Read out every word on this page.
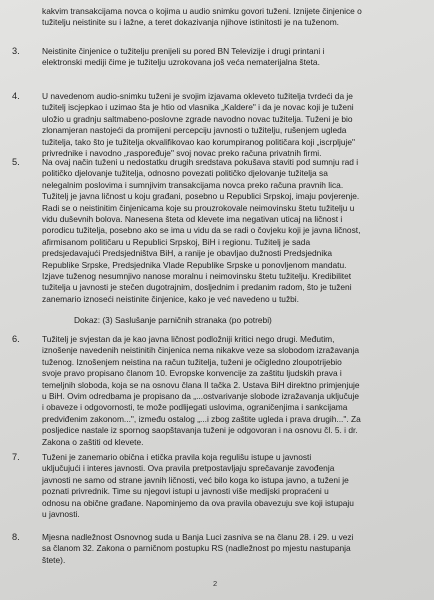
kakvim transakcijama novca o kojima u audio snimku govori tuženi. Iznijete činjenice o
tužitelju neistinite su i lažne, a teret dokazivanja njihove istinitosti je na tuženom.
3.	Neistinite činjenice o tužitelju prenijeli su pored BN Televizije i drugi printani i
elektronski mediji čime je tužitelju uzrokovana još veća nematerijalna šteta.
4.	U navedenom audio-snimku tuženi je svojim izjavama okleveto tužitelja tvrdeći da je
tužitelj iscjepkao i uzimao šta je htio od vlasnika „Kaldere" i da je novac koji je tuženi
uložio u gradnju saltmabeno-poslovne zgrade navodno novac tužitelja. Tuženi je bio
zlonamjeran nastojeći da promijeni percepciju javnosti o tužitelju, rušenjem ugleda
tužitelja, tako što je tužitelja okvalifikovao kao korumpiranog političara koji „iscrpljuje"
privrednike i navodno „raspoređuje" svoj novac preko računa privatnih firmi.
5.	Na ovaj način tuženi u nedostatku drugih sredstava pokušava staviti pod sumnju rad i
političko djelovanje tužitelja, odnosno povezati političko djelovanje tužitelja sa
nelegalnim poslovima i sumnjivim transakcijama novca preko računa pravnih lica.
Tužitelj je javna ličnost u koju građani, posebno u Republici Srpskoj, imaju povjerenje.
Radi se o neistinitim činjenicama koje su prouzrokovale neimovinsku štetu tužitelju u
vidu duševnih bolova. Nanesena šteta od klevete ima negativan uticaj na ličnost i
porodicu tužitelja, posebno ako se ima u vidu da se radi o čovjeku koji je javna ličnost,
afirmisanom političaru u Republici Srpskoj, BiH i regionu. Tužitelj je sada
predsjedavajući Predsjedništva BiH, a ranije je obavljao dužnosti Predsjednika
Republike Srpske, Predsjednika Vlade Republike Srpske u ponovljenom mandatu.
Izjave tuženog nesumnjivo nanose moralnu i neimovinsku štetu tužitelju. Kredibilitet
tužitelja u javnosti je stečen dugotrajnim, dosljednim i predanim radom, što je tuženi
zanemario iznoseći neistinite činjenice, kako je već navedeno u tužbi.
Dokaz: (3) Saslušanje parničnih stranaka (po potrebi)
6.	Tužitelj je svjestan da je kao javna ličnost podložniji kritici nego drugi. Međutim,
iznošenje navedenih neistinitih činjenica nema nikakve veze sa slobodom izražavanja
tuženog. Iznošenjem neistina na račun tužitelja, tuženi je očigledno zloupotrijebio
svoje pravo propisano članom 10. Evropske konvencije za zaštitu ljudskih prava i
temeljnih sloboda, koja se na osnovu člana II tačka 2. Ustava BiH direktno primjenjuje
u BiH. Ovim odredbama je propisano da „...ostvarivanje slobode izražavanja uključuje
i obaveze i odgovornosti, te može podlijegati uslovima, ograničenjima i sankcijama
predviđenim zakonom...", između ostalog „...i zbog zaštite ugleda i prava drugih...". Za
posljedice nastale iz spornog saopštavanja tuženi je odgovoran i na osnovu čl. 5. i dr.
Zakona o zaštiti od klevete.
7.	Tuženi je zanemario obična i etička pravila koja regulišu istupe u javnosti
uključujući i interes javnosti. Ova pravila pretpostavljaju sprečavanje zavođenja
javnosti ne samo od strane javnih ličnosti, već bilo koga ko istupa javno, a tuženi je
poznati privrednik. Time su njegovi istupi u javnosti više medijski propraćeni u
odnosu na obične građane. Napominjemo da ova pravila obavezuju sve koji istupaju
u javnosti.
8.	Mjesna nadležnost Osnovnog suda u Banja Luci zasniva se na članu 28. i 29. u vezi
sa članom 32. Zakona o parničnom postupku RS (nadležnost po mjestu nastupanja
štete).
2
